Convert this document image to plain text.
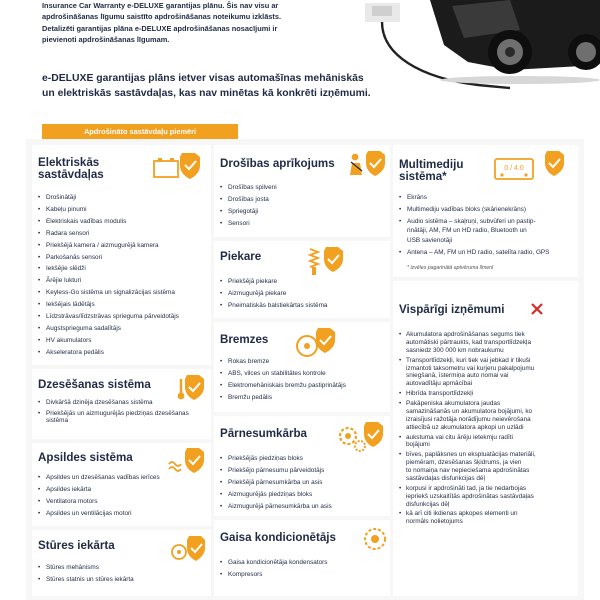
Insurance Car Warranty e-DELUXE garantijas plānu. Šis nav visu ar
apdrošināšanas līgumu saistīto apdrošināšanas noteikumu izklāsts.
Detalizēti garantijas plāna e-DELUXE apdrošināšanas nosacījumi ir
pievienoti apdrošināšanas līgumam.
e-DELUXE garantijas plāns ietver visas automašīnas mehāniskās
un elektriskās sastāvdaļas, kas nav minētas kā konkrēti izņēmumi.
Apdrošināto sastāvdaļu piemēri
Elektriskās
sastāvdaļas
• Drošinātāji
• Kabeļu pinumi
• Elektriskais vadības modulis
• Radara sensori
• Priekšējā kamera / aizmugurējā kamera
• Parkošanās sensori
• Iekšējie slēdži
• Ārējie lukturi
• Keyless-Go sistēma un signalizācijas sistēma
• Iekšējais lādētājs
• Līdzstrāvas/līdzstrāvas sprieguma pārveidotājs
• Augstsprieguma sadalītājs
• HV akumulators
• Akseleratora pedālis
Dzesēšanas sistēma
• Divkāršā dzinēja dzesēšanas sistēma
• Priekšējās un aizmugurējās piedziņas dzesēšanas sistēma
Apsildes sistēma
• Apsildes un dzesēšanas vadības ierīces
• Apsildes iekārta
• Ventilatora motors
• Apsildes un ventilācijas motori
Stūres iekārta
• Stūres mehānisms
• Stūres statnis un stūres iekārta
Drošības aprīkojums
• Drošības spilveni
• Drošības josta
• Spriegotāji
• Sensori
Piekare
• Priekšējā piekare
• Aizmugurējā piekare
• Pneimatiskās balstiekārtas sistēma
Bremzes
• Rokas bremze
• ABS, vilces un stabilitātes kontrole
• Elektromehāniskais bremžu pastiprinātājs
• Bremžu pedālis
Pārnesumkārba
• Priekšējās piedziņas bloks
• Priekšējo pārnesumu pārveidotājs
• Priekšējā pārnesumkārba un asis
• Aizmugurējās piedziņas bloks
• Aizmugurējā pārnesumkārba un asis
Gaisa kondicionētājs
• Gaisa kondicionētāja kondensators
• Kompresors
Multimediju
sistēma*
0 / 4.0
• Ekrāns
• Multimediju vadības bloks (skārienekrāns)
• Audio sistēma – skaļruņi, subvūferi un pastip-
rinātāji, AM, FM un HD radio, Bluetooth un
USB savienotāji
• Antena – AM, FM un HD radio, satelīta radio, GPS
* izvēles pagarinātā aptvēruma līmenī
Vispārīgi izņēmumi
• Akumulatora apdrošināšanas segums tiek
automātiski pārtraukts, kad transportlīdzekļa
sasniedz 300 000 km nobraukumu
• Transportlīdzekļi, kuri tiek vai jebkad ir tikuši
izmantoti taksometru vai kurjeru pakalpojumu
sniegšanā, īstermiņa auto nomai vai
autovadītāju apmācībai
• Hibrīda transportlīdzekļi
• Pakāpeniska akumulatora jaudas
samazināšanās un akumulatora bojājumi, ko
izraisījusi ražotāja norādījumu neievērošana
attiecībā uz akumulatora apkopi un uzlādi
• aukstuma vai citu ārēju ietekmju radīti
bojājumi
• bīves, paplāksnes un ekspluatācijas materiāli,
piemēram, dzesēšanas šķidrums, ja vien
to nomaiņa nav nepieciešama apdrošinātas
sastāvdaļas disfunkcijas dēļ
• korpusi ir apdrošināti tad, ja tie nedarbojas
iepriekš uzskaitītās apdrošinātas sastāvdaļas
disfunkcijas dēļ
• kā arī citi ikdienas apkopes elementi un
normāls nolietojums
